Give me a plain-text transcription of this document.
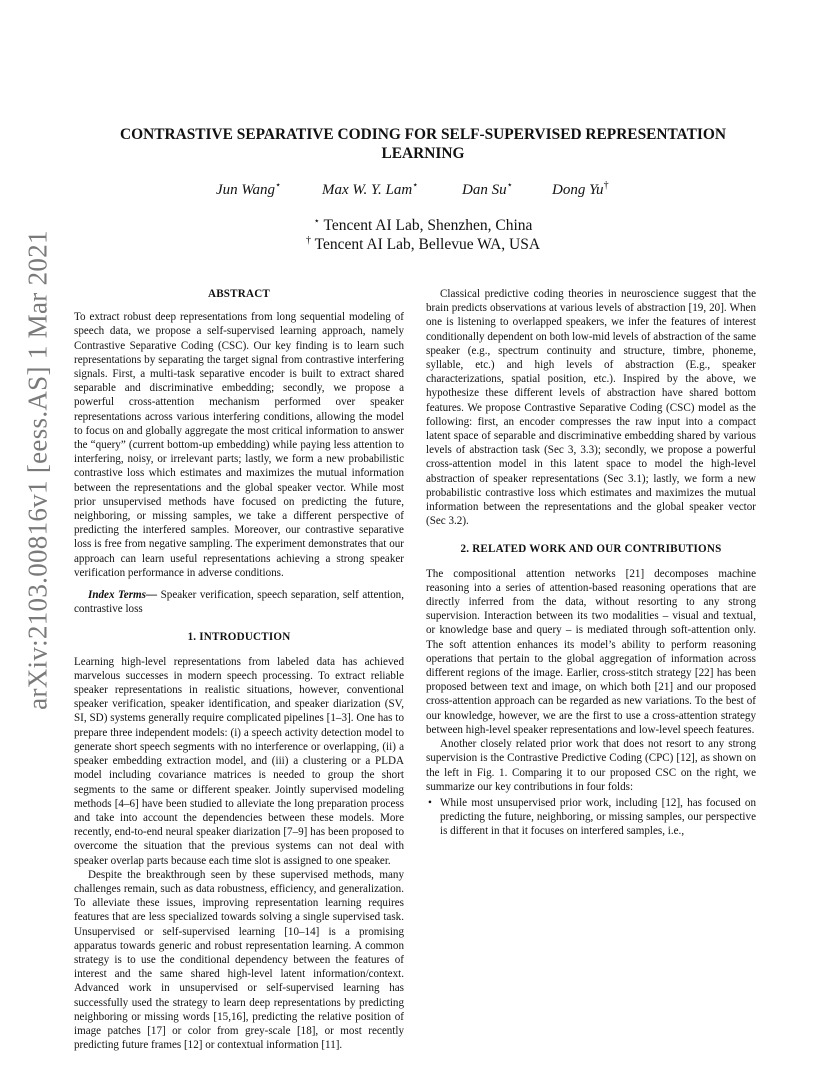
arXiv:2103.00816v1 [eess.AS] 1 Mar 2021
CONTRASTIVE SEPARATIVE CODING FOR SELF-SUPERVISED REPRESENTATION LEARNING
Jun Wang⋆	Max W. Y. Lam⋆	Dan Su⋆	Dong Yu†
⋆ Tencent AI Lab, Shenzhen, China
† Tencent AI Lab, Bellevue WA, USA
ABSTRACT

To extract robust deep representations from long sequential modeling of speech data, we propose a self-supervised learning approach, namely Contrastive Separative Coding (CSC). Our key finding is to learn such representations by separating the target signal from contrastive interfering signals. First, a multi-task separative encoder is built to extract shared separable and discriminative embedding; secondly, we propose a powerful cross-attention mechanism performed over speaker representations across various interfering conditions, allowing the model to focus on and globally aggregate the most critical information to answer the “query” (current bottom-up embedding) while paying less attention to interfering, noisy, or irrelevant parts; lastly, we form a new probabilistic contrastive loss which estimates and maximizes the mutual information between the representations and the global speaker vector. While most prior unsupervised methods have focused on predicting the future, neighboring, or missing samples, we take a different perspective of predicting the interfered samples. Moreover, our contrastive separative loss is free from negative sampling. The experiment demonstrates that our approach can learn useful representations achieving a strong speaker verification performance in adverse conditions.

Index Terms— Speaker verification, speech separation, self attention, contrastive loss

1. INTRODUCTION

Learning high-level representations from labeled data has achieved marvelous successes in modern speech processing. To extract reliable speaker representations in realistic situations, however, conventional speaker verification, speaker identification, and speaker diarization (SV, SI, SD) systems generally require complicated pipelines [1–3]. One has to prepare three independent models: (i) a speech activity detection model to generate short speech segments with no interference or overlapping, (ii) a speaker embedding extraction model, and (iii) a clustering or a PLDA model including covariance matrices is needed to group the short segments to the same or different speaker. Jointly supervised modeling methods [4–6] have been studied to alleviate the long preparation process and take into account the dependencies between these models. More recently, end-to-end neural speaker diarization [7–9] has been proposed to overcome the situation that the previous systems can not deal with speaker overlap parts because each time slot is assigned to one speaker.

Despite the breakthrough seen by these supervised methods, many challenges remain, such as data robustness, efficiency, and generalization. To alleviate these issues, improving representation learning requires features that are less specialized towards solving a single supervised task. Unsupervised or self-supervised learning [10–14] is a promising apparatus towards generic and robust representation learning. A common strategy is to use the conditional dependency between the features of interest and the same shared high-level latent information/context. Advanced work in unsupervised or self-supervised learning has successfully used the strategy to learn deep representations by predicting neighboring or missing words [15,16], predicting the relative position of image patches [17] or color from grey-scale [18], or most recently predicting future frames [12] or contextual information [11].

Classical predictive coding theories in neuroscience suggest that the brain predicts observations at various levels of abstraction [19, 20]. When one is listening to overlapped speakers, we infer the features of interest conditionally dependent on both low-mid levels of abstraction of the same speaker (e.g., spectrum continuity and structure, timbre, phoneme, syllable, etc.) and high levels of abstraction (E.g., speaker characterizations, spatial position, etc.). Inspired by the above, we hypothesize these different levels of abstraction have shared bottom features. We propose Contrastive Separative Coding (CSC) model as the following: first, an encoder compresses the raw input into a compact latent space of separable and discriminative embedding shared by various levels of abstraction task (Sec 3, 3.3); secondly, we propose a powerful cross-attention model in this latent space to model the high-level abstraction of speaker representations (Sec 3.1); lastly, we form a new probabilistic contrastive loss which estimates and maximizes the mutual information between the representations and the global speaker vector (Sec 3.2).

2. RELATED WORK AND OUR CONTRIBUTIONS

The compositional attention networks [21] decomposes machine reasoning into a series of attention-based reasoning operations that are directly inferred from the data, without resorting to any strong supervision. Interaction between its two modalities – visual and textual, or knowledge base and query – is mediated through soft-attention only. The soft attention enhances its model’s ability to perform reasoning operations that pertain to the global aggregation of information across different regions of the image. Earlier, cross-stitch strategy [22] has been proposed between text and image, on which both [21] and our proposed cross-attention approach can be regarded as new variations. To the best of our knowledge, however, we are the first to use a cross-attention strategy between high-level speaker representations and low-level speech features.

Another closely related prior work that does not resort to any strong supervision is the Contrastive Predictive Coding (CPC) [12], as shown on the left in Fig. 1. Comparing it to our proposed CSC on the right, we summarize our key contributions in four folds:

• While most unsupervised prior work, including [12], has focused on predicting the future, neighboring, or missing samples, our perspective is different in that it focuses on interfered samples, i.e.,
